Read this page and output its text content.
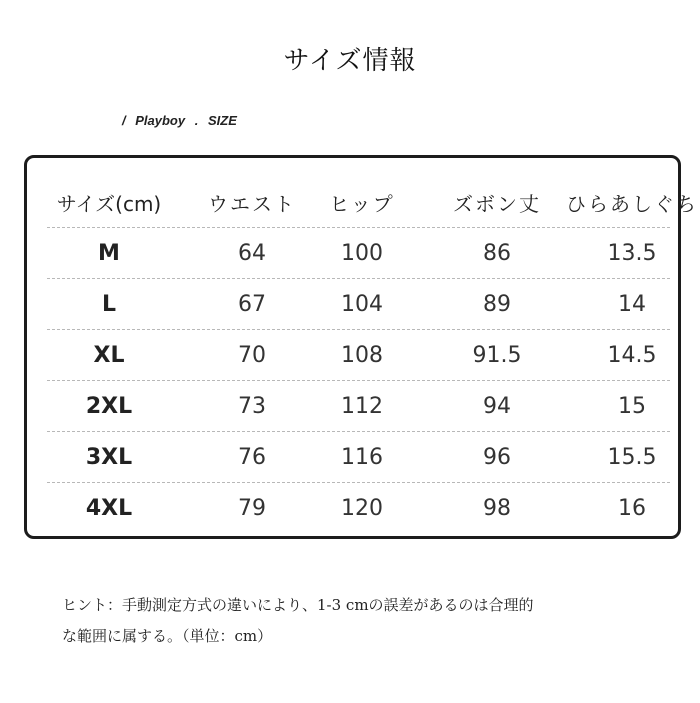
サイズ情報
/ Playboy . SIZE
サイズ(cm)	ウエスト	ヒップ	ズボン丈	ひらあしぐち
M	64	100	86	13.5
L	67	104	89	14
XL	70	108	91.5	14.5
2XL	73	112	94	15
3XL	76	116	96	15.5
4XL	79	120	98	16
ヒント：手動測定方式の違いにより、1-3 cmの誤差があるのは合理的
な範囲に属する。（単位：cm）
